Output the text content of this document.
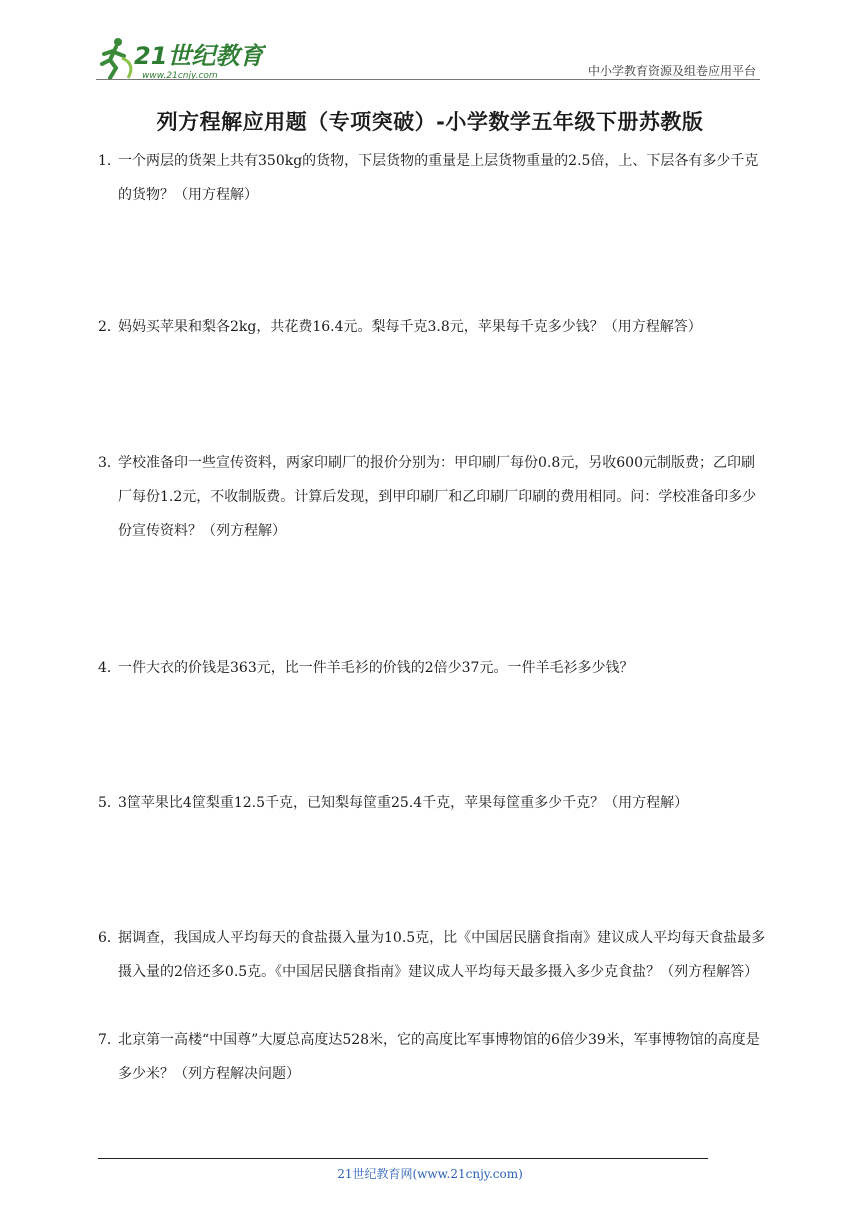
21世纪教育
www.21cnjy.com	中小学教育资源及组卷应用平台
列方程解应用题（专项突破）-小学数学五年级下册苏教版
1．
一个两层的货架上共有350kg的货物，下层货物的重量是上层货物重量的2.5倍，上、下层各有多少千克的货物？（用方程解）
2．
妈妈买苹果和梨各2kg，共花费16.4元。梨每千克3.8元，苹果每千克多少钱？（用方程解答）
3．
学校准备印一些宣传资料，两家印刷厂的报价分别为：甲印刷厂每份0.8元，另收600元制版费；乙印刷厂每份1.2元，不收制版费。计算后发现，到甲印刷厂和乙印刷厂印刷的费用相同。问：学校准备印多少份宣传资料？（列方程解）
4．
一件大衣的价钱是363元，比一件羊毛衫的价钱的2倍少37元。一件羊毛衫多少钱？
5．
3筐苹果比4筐梨重12.5千克，已知梨每筐重25.4千克，苹果每筐重多少千克？（用方程解）
6．
据调查，我国成人平均每天的食盐摄入量为10.5克，比《中国居民膳食指南》建议成人平均每天食盐最多摄入量的2倍还多0.5克。《中国居民膳食指南》建议成人平均每天最多摄入多少克食盐？（列方程解答）
7．
北京第一高楼“中国尊”大厦总高度达528米，它的高度比军事博物馆的6倍少39米，军事博物馆的高度是多少米？（列方程解决问题）
21世纪教育网(www.21cnjy.com)
